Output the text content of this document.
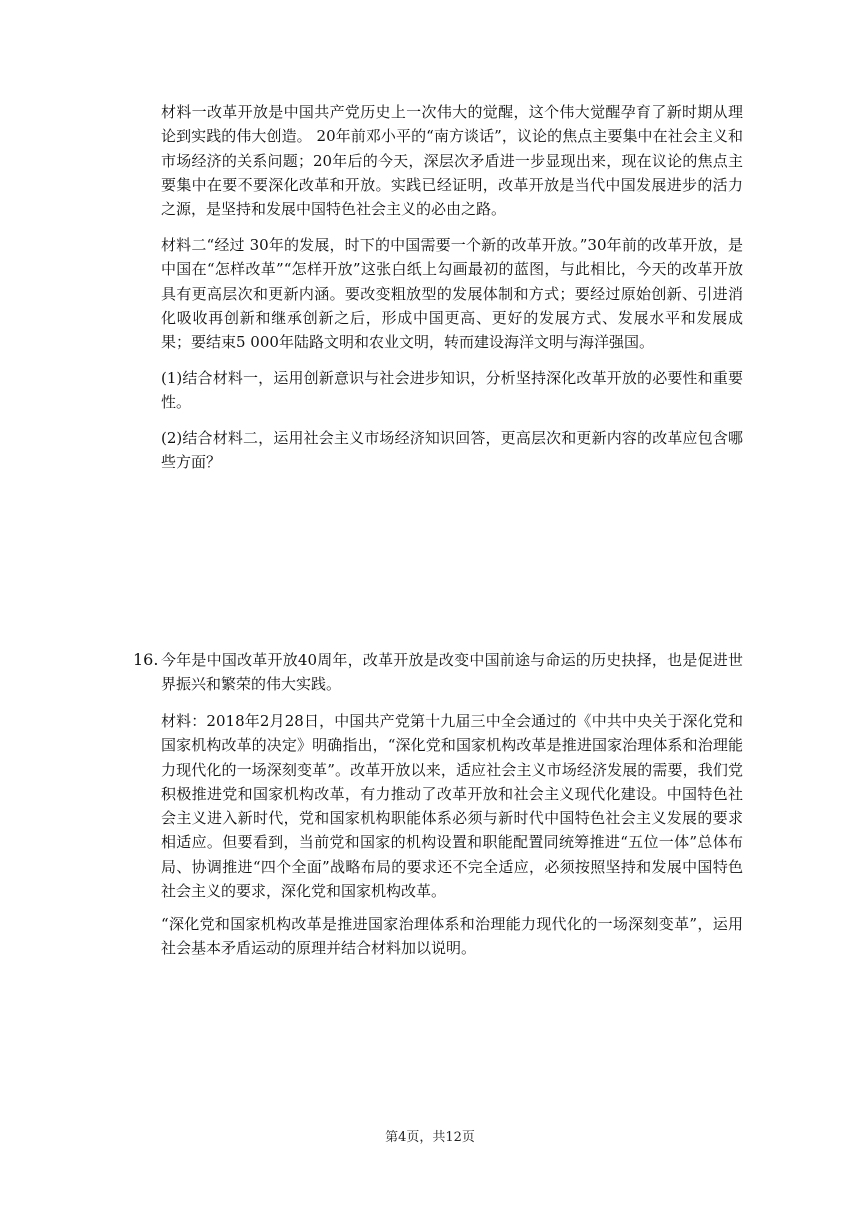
材料一改革开放是中国共产党历史上一次伟大的觉醒，这个伟大觉醒孕育了新时期从理论到实践的伟大创造。 20年前邓小平的“南方谈话”，议论的焦点主要集中在社会主义和市场经济的关系问题；20年后的今天，深层次矛盾进一步显现出来，现在议论的焦点主要集中在要不要深化改革和开放。实践已经证明，改革开放是当代中国发展进步的活力之源，是坚持和发展中国特色社会主义的必由之路。

材料二“经过 30年的发展，时下的中国需要一个新的改革开放。”30年前的改革开放，是中国在“怎样改革”“怎样开放”这张白纸上勾画最初的蓝图，与此相比，今天的改革开放具有更高层次和更新内涵。要改变粗放型的发展体制和方式；要经过原始创新、引进消化吸收再创新和继承创新之后，形成中国更高、更好的发展方式、发展水平和发展成果；要结束5 000年陆路文明和农业文明，转而建设海洋文明与海洋强国。

(1)结合材料一，运用创新意识与社会进步知识，分析坚持深化改革开放的必要性和重要性。

(2)结合材料二，运用社会主义市场经济知识回答，更高层次和更新内容的改革应包含哪些方面？

16. 今年是中国改革开放40周年，改革开放是改变中国前途与命运的历史抉择，也是促进世界振兴和繁荣的伟大实践。

材料：2018年2月28日，中国共产党第十九届三中全会通过的《中共中央关于深化党和国家机构改革的决定》明确指出，“深化党和国家机构改革是推进国家治理体系和治理能力现代化的一场深刻变革”。改革开放以来，适应社会主义市场经济发展的需要，我们党积极推进党和国家机构改革，有力推动了改革开放和社会主义现代化建设。中国特色社会主义进入新时代，党和国家机构职能体系必须与新时代中国特色社会主义发展的要求相适应。但要看到，当前党和国家的机构设置和职能配置同统筹推进“五位一体”总体布局、协调推进“四个全面”战略布局的要求还不完全适应，必须按照坚持和发展中国特色社会主义的要求，深化党和国家机构改革。

“深化党和国家机构改革是推进国家治理体系和治理能力现代化的一场深刻变革”，运用社会基本矛盾运动的原理并结合材料加以说明。

第4页，共12页
